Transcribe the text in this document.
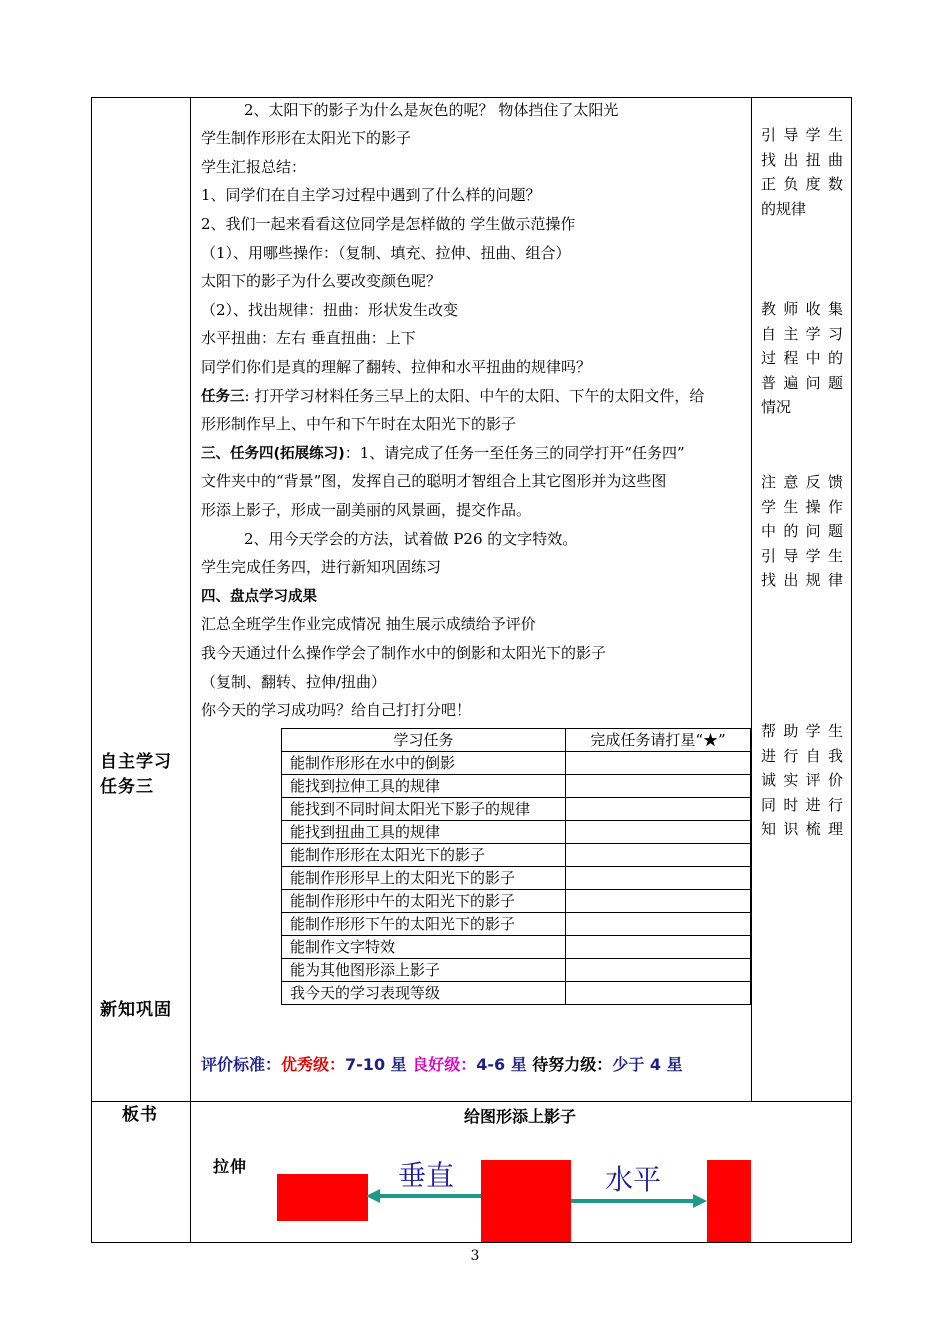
2、太阳下的影子为什么是灰色的呢？ 物体挡住了太阳光
学生制作形形在太阳光下的影子
学生汇报总结：
1、同学们在自主学习过程中遇到了什么样的问题？
2、我们一起来看看这位同学是怎样做的 学生做示范操作
（1）、用哪些操作：（复制、填充、拉伸、扭曲、组合）
太阳下的影子为什么要改变颜色呢？
（2）、找出规律：扭曲：形状发生改变
水平扭曲：左右 垂直扭曲：上下
同学们你们是真的理解了翻转、拉伸和水平扭曲的规律吗？
任务三: 打开学习材料任务三早上的太阳、中午的太阳、下午的太阳文件，给
形形制作早上、中午和下午时在太阳光下的影子
三、任务四(拓展练习)：1、请完成了任务一至任务三的同学打开“任务四”
文件夹中的“背景”图，发挥自己的聪明才智组合上其它图形并为这些图
形添上影子，形成一副美丽的风景画，提交作品。
2、用今天学会的方法，试着做 P26 的文字特效。
学生完成任务四，进行新知巩固练习
四、盘点学习成果
汇总全班学生作业完成情况 抽生展示成绩给予评价
我今天通过什么操作学会了制作水中的倒影和太阳光下的影子
（复制、翻转、拉伸/扭曲）
你今天的学习成功吗？给自己打打分吧！
自主学习
任务三
新知巩固
板书
引导学生
找出扭曲
正负度数
的规律
教师收集
自主学习
过程中的
普遍问题
情况
注意反馈
学生操作
中的问题
引导学生
找出规律
帮助学生
进行自我
诚实评价
同时进行
知识梳理
学习任务	完成任务请打星“★”
能制作形形在水中的倒影	
能找到拉伸工具的规律	
能找到不同时间太阳光下影子的规律	
能找到扭曲工具的规律	
能制作形形在太阳光下的影子	
能制作形形早上的太阳光下的影子	
能制作形形中午的太阳光下的影子	
能制作形形下午的太阳光下的影子	
能制作文字特效	
能为其他图形添上影子	
我今天的学习表现等级	
评价标准：优秀级：7-10 星 良好级：4-6 星 待努力级：少于 4 星
给图形添上影子
拉伸	垂直	水平
3
